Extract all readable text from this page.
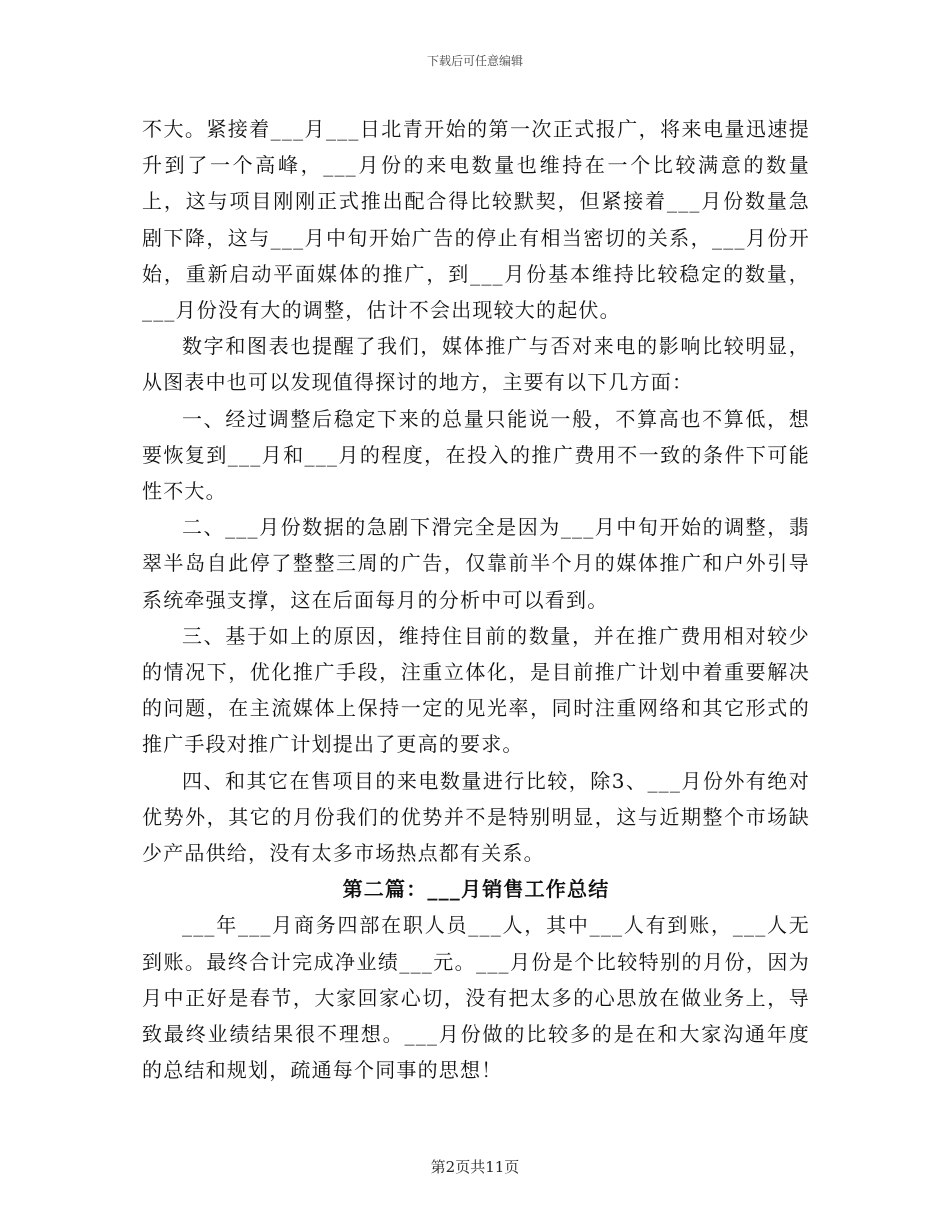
下载后可任意编辑

不大。紧接着___月___日北青开始的第一次正式报广，将来电量迅速提升到了一个高峰，___月份的来电数量也维持在一个比较满意的数量上，这与项目刚刚正式推出配合得比较默契，但紧接着___月份数量急剧下降，这与___月中旬开始广告的停止有相当密切的关系，___月份开始，重新启动平面媒体的推广，到___月份基本维持比较稳定的数量，___月份没有大的调整，估计不会出现较大的起伏。

数字和图表也提醒了我们，媒体推广与否对来电的影响比较明显，从图表中也可以发现值得探讨的地方，主要有以下几方面：

一、经过调整后稳定下来的总量只能说一般，不算高也不算低，想要恢复到___月和___月的程度，在投入的推广费用不一致的条件下可能性不大。

二、___月份数据的急剧下滑完全是因为___月中旬开始的调整，翡翠半岛自此停了整整三周的广告，仅靠前半个月的媒体推广和户外引导系统牵强支撑，这在后面每月的分析中可以看到。

三、基于如上的原因，维持住目前的数量，并在推广费用相对较少的情况下，优化推广手段，注重立体化，是目前推广计划中着重要解决的问题，在主流媒体上保持一定的见光率，同时注重网络和其它形式的推广手段对推广计划提出了更高的要求。

四、和其它在售项目的来电数量进行比较，除3、___月份外有绝对优势外，其它的月份我们的优势并不是特别明显，这与近期整个市场缺少产品供给，没有太多市场热点都有关系。

第二篇：___月销售工作总结

___年___月商务四部在职人员___人，其中___人有到账，___人无到账。最终合计完成净业绩___元。___月份是个比较特别的月份，因为月中正好是春节，大家回家心切，没有把太多的心思放在做业务上，导致最终业绩结果很不理想。___月份做的比较多的是在和大家沟通年度的总结和规划，疏通每个同事的思想！

第2页共11页
